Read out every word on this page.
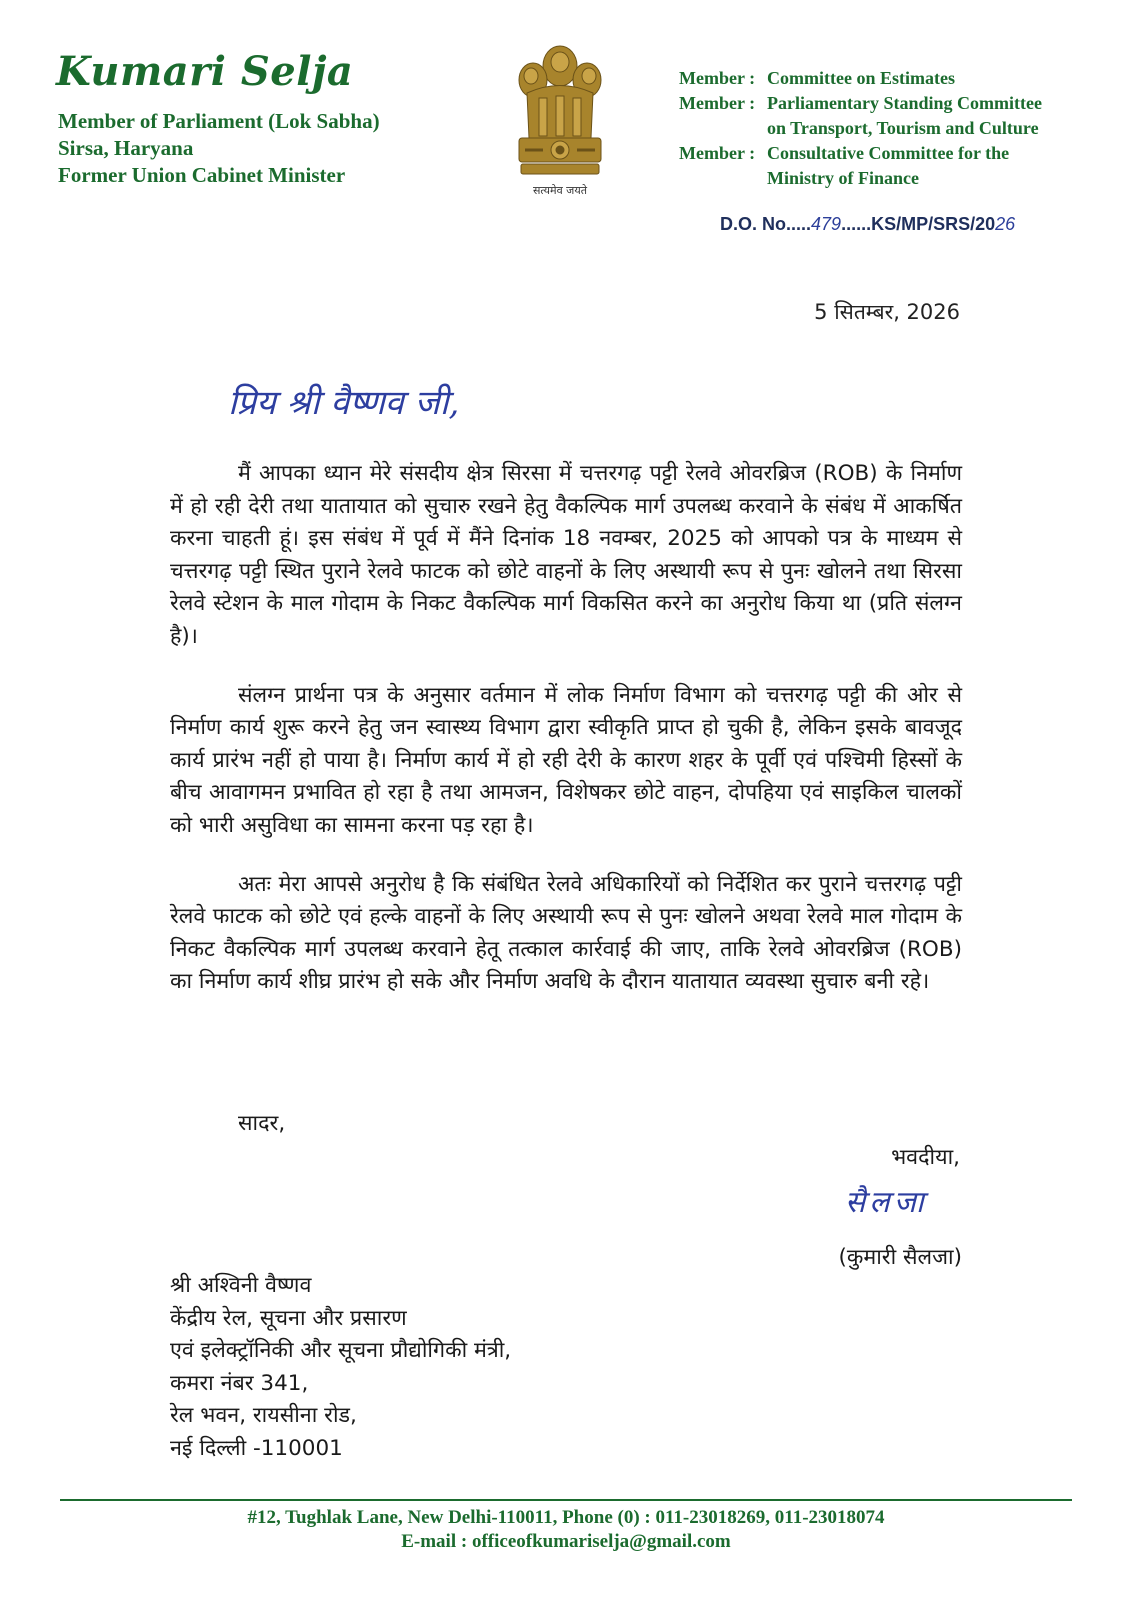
Kumari Selja
Member of Parliament (Lok Sabha)
Sirsa, Haryana
Former Union Cabinet Minister
सत्यमेव जयते
Member : Committee on Estimates
Member : Parliamentary Standing Committee
on Transport, Tourism and Culture
Member : Consultative Committee for the
Ministry of Finance
D.O. No.....479......KS/MP/SRS/2026
5 सितम्बर, 2026
प्रिय श्री वैष्णव जी,

मैं आपका ध्यान मेरे संसदीय क्षेत्र सिरसा में चत्तरगढ़ पट्टी रेलवे ओवरब्रिज (ROB) के निर्माण में हो रही देरी तथा यातायात को सुचारु रखने हेतु वैकल्पिक मार्ग उपलब्ध करवाने के संबंध में आकर्षित करना चाहती हूं। इस संबंध में पूर्व में मैंने दिनांक 18 नवम्बर, 2025 को आपको पत्र के माध्यम से चत्तरगढ़ पट्टी स्थित पुराने रेलवे फाटक को छोटे वाहनों के लिए अस्थायी रूप से पुनः खोलने तथा सिरसा रेलवे स्टेशन के माल गोदाम के निकट वैकल्पिक मार्ग विकसित करने का अनुरोध किया था (प्रति संलग्न है)।

संलग्न प्रार्थना पत्र के अनुसार वर्तमान में लोक निर्माण विभाग को चत्तरगढ़ पट्टी की ओर से निर्माण कार्य शुरू करने हेतु जन स्वास्थ्य विभाग द्वारा स्वीकृति प्राप्त हो चुकी है, लेकिन इसके बावजूद कार्य प्रारंभ नहीं हो पाया है। निर्माण कार्य में हो रही देरी के कारण शहर के पूर्वी एवं पश्चिमी हिस्सों के बीच आवागमन प्रभावित हो रहा है तथा आमजन, विशेषकर छोटे वाहन, दोपहिया एवं साइकिल चालकों को भारी असुविधा का सामना करना पड़ रहा है।

अतः मेरा आपसे अनुरोध है कि संबंधित रेलवे अधिकारियों को निर्देशित कर पुराने चत्तरगढ़ पट्टी रेलवे फाटक को छोटे एवं हल्के वाहनों के लिए अस्थायी रूप से पुनः खोलने अथवा रेलवे माल गोदाम के निकट वैकल्पिक मार्ग उपलब्ध करवाने हेतू तत्काल कार्रवाई की जाए, ताकि रेलवे ओवरब्रिज (ROB) का निर्माण कार्य शीघ्र प्रारंभ हो सके और निर्माण अवधि के दौरान यातायात व्यवस्था सुचारु बनी रहे।

सादर,
भवदीया,
सैलजा
(कुमारी सैलजा)
श्री अश्विनी वैष्णव
केंद्रीय रेल, सूचना और प्रसारण
एवं इलेक्ट्रॉनिकी और सूचना प्रौद्योगिकी मंत्री,
कमरा नंबर 341,
रेल भवन, रायसीना रोड,
नई दिल्ली -110001
#12, Tughlak Lane, New Delhi-110011, Phone (0) : 011-23018269, 011-23018074
E-mail : officeofkumariselja@gmail.com
